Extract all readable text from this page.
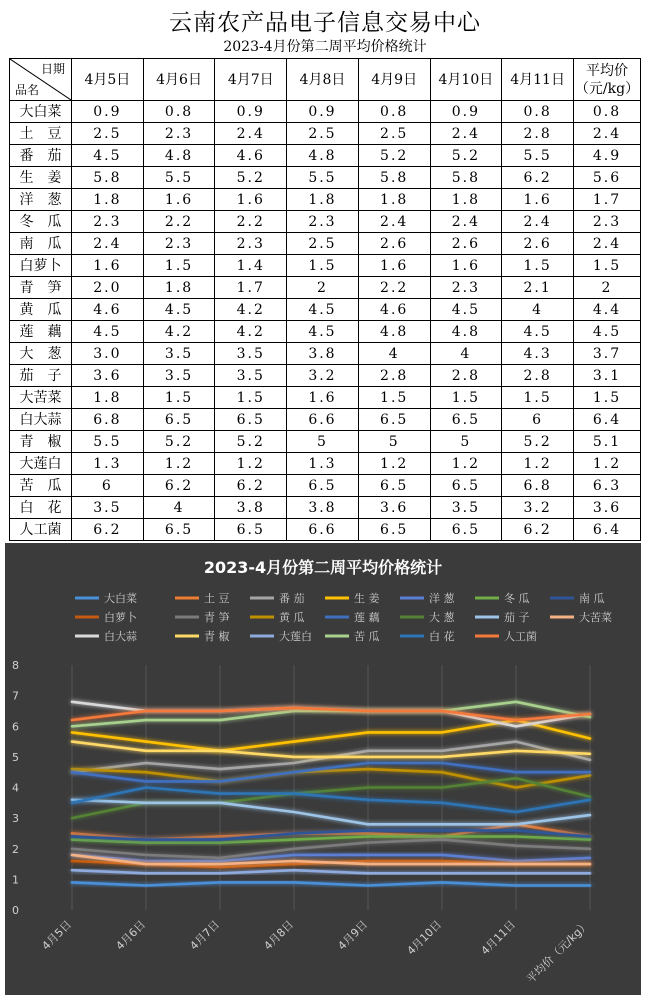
云南农产品电子信息交易中心
2023-4月份第二周平均价格统计
日期
品名	4月5日	4月6日	4月7日	4月8日	4月9日	4月10日	4月11日	平均价
（元/kg）
大白菜	0.9	0.8	0.9	0.9	0.8	0.9	0.8	0.8
土　豆	2.5	2.3	2.4	2.5	2.5	2.4	2.8	2.4
番　茄	4.5	4.8	4.6	4.8	5.2	5.2	5.5	4.9
生　姜	5.8	5.5	5.2	5.5	5.8	5.8	6.2	5.6
洋　葱	1.8	1.6	1.6	1.8	1.8	1.8	1.6	1.7
冬　瓜	2.3	2.2	2.2	2.3	2.4	2.4	2.4	2.3
南　瓜	2.4	2.3	2.3	2.5	2.6	2.6	2.6	2.4
白萝卜	1.6	1.5	1.4	1.5	1.6	1.6	1.5	1.5
青　笋	2.0	1.8	1.7	2	2.2	2.3	2.1	2
黄　瓜	4.6	4.5	4.2	4.5	4.6	4.5	4	4.4
莲　藕	4.5	4.2	4.2	4.5	4.8	4.8	4.5	4.5
大　葱	3.0	3.5	3.5	3.8	4	4	4.3	3.7
茄　子	3.6	3.5	3.5	3.2	2.8	2.8	2.8	3.1
大苦菜	1.8	1.5	1.5	1.6	1.5	1.5	1.5	1.5
白大蒜	6.8	6.5	6.5	6.6	6.5	6.5	6	6.4
青　椒	5.5	5.2	5.2	5	5	5	5.2	5.1
大莲白	1.3	1.2	1.2	1.3	1.2	1.2	1.2	1.2
苦　瓜	6	6.2	6.2	6.5	6.5	6.5	6.8	6.3
白　花	3.5	4	3.8	3.8	3.6	3.5	3.2	3.6
人工菌	6.2	6.5	6.5	6.6	6.5	6.5	6.2	6.4
2023-4月份第二周平均价格统计
大白菜	土 豆	番 茄	生 姜	洋 葱	冬 瓜	南 瓜
白萝卜	青 笋	黄 瓜	莲 藕	大 葱	茄 子	大苦菜
白大蒜	青 椒	大莲白	苦 瓜	白 花	人工菌
0
1
2
3
4
5
6
7
8
4月5日	4月6日	4月7日	4月8日	4月9日	4月10日	4月11日 平均价（元/kg）
